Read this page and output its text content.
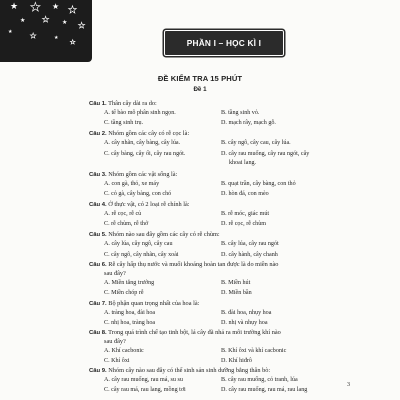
★ ★ ★ ★
★ ★ ★ ★
★	★	★
★	PHẦN I – HỌC KÌ I
ĐỀ KIỂM TRA 15 PHÚT
Đề 1
Câu 1. Thân cây dài ra do:
A. tế bào mô phân sinh ngọn.	B. tầng sinh vỏ.
C. tầng sinh trụ.	D. mạch rây, mạch gỗ.
Câu 2. Nhóm gồm các cây có rễ cọc là:
A. cây nhãn, cây bàng, cây lúa.	B. cây ngô, cây cau, cây lúa.
C. cây bàng, cây ổi, cây rau ngót.	D. cây rau muống, cây rau ngót, cây
khoai lang.
Câu 3. Nhóm gồm các vật sống là:
A. con gà, thỏ, xe máy	B. quạt trần, cây bàng, con thỏ
C. cỏ gà, cây bàng, con chó	D. hòn đá, con mèo
Câu 4. Ở thực vật, có 2 loại rễ chính là:
A. rễ cọc, rễ củ	B. rễ móc, giác mút
C. rễ chùm, rễ thở	D. rễ cọc, rễ chùm
Câu 5. Nhóm nào sau đây gồm các cây có rễ chùm:
A. cây lúa, cây ngô, cây cau	B. cây lúa, cây rau ngót
C. cây ngô, cây nhãn, cây xoài	D. cây hành, cây chanh
Câu 6. Rễ cây hấp thụ nước và muối khoáng hoàn tan được là do miền nào
sau đây?
A. Miền tăng trưởng	B. Miền hút
C. Miền chóp rễ	D. Miền bần
Câu 7. Bộ phận quan trọng nhất của hoa là:
A. tràng hoa, đài hoa	B. đài hoa, nhụy hoa
C. nhị hoa, tràng hoa	D. nhị và nhụy hoa
Câu 8. Trong quá trình chế tạo tinh bột, lá cây đã nhả ra môi trường khí nào
sau đây?
A. Khí cacbonic	B. Khí ôxi và khí cacbonic
C. Khí ôxi	D. Khí hiđrô
Câu 9. Nhóm cây nào sau đây có thể sinh sản sinh dưỡng bằng thân bò:
A. cây rau muống, rau má, su su	B. cây rau muống, cỏ tranh, lúa
C. cây rau má, rau lang, mồng tơi	D. cây rau muống, rau má, rau lang
3
